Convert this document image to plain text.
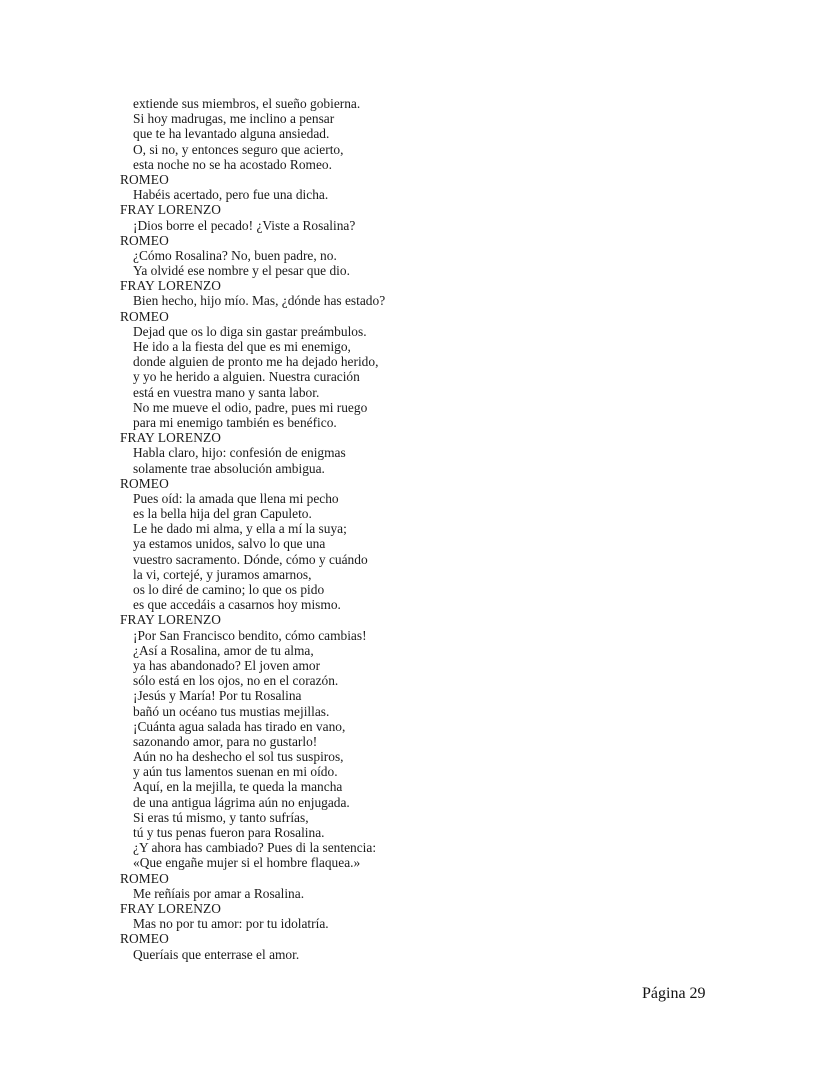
extiende sus miembros, el sueño gobierna.
Si hoy madrugas, me inclino a pensar
que te ha levantado alguna ansiedad.
O, si no, y entonces seguro que acierto,
esta noche no se ha acostado Romeo.
ROMEO
Habéis acertado, pero fue una dicha.
FRAY LORENZO
¡Dios borre el pecado! ¿Viste a Rosalina?
ROMEO
¿Cómo Rosalina? No, buen padre, no.
Ya olvidé ese nombre y el pesar que dio.
FRAY LORENZO
Bien hecho, hijo mío. Mas, ¿dónde has estado?
ROMEO
Dejad que os lo diga sin gastar preámbulos.
He ido a la fiesta del que es mi enemigo,
donde alguien de pronto me ha dejado herido,
y yo he herido a alguien. Nuestra curación
está en vuestra mano y santa labor.
No me mueve el odio, padre, pues mi ruego
para mi enemigo también es benéfico.
FRAY LORENZO
Habla claro, hijo: confesión de enigmas
solamente trae absolución ambigua.
ROMEO
Pues oíd: la amada que llena mi pecho
es la bella hija del gran Capuleto.
Le he dado mi alma, y ella a mí la suya;
ya estamos unidos, salvo lo que una
vuestro sacramento. Dónde, cómo y cuándo
la vi, cortejé, y juramos amarnos,
os lo diré de camino; lo que os pido
es que accedáis a casarnos hoy mismo.
FRAY LORENZO
¡Por San Francisco bendito, cómo cambias!
¿Así a Rosalina, amor de tu alma,
ya has abandonado? El joven amor
sólo está en los ojos, no en el corazón.
¡Jesús y María! Por tu Rosalina
bañó un océano tus mustias mejillas.
¡Cuánta agua salada has tirado en vano,
sazonando amor, para no gustarlo!
Aún no ha deshecho el sol tus suspiros,
y aún tus lamentos suenan en mi oído.
Aquí, en la mejilla, te queda la mancha
de una antigua lágrima aún no enjugada.
Si eras tú mismo, y tanto sufrías,
tú y tus penas fueron para Rosalina.
¿Y ahora has cambiado? Pues di la sentencia:
«Que engañe mujer si el hombre flaquea.»
ROMEO
Me reñíais por amar a Rosalina.
FRAY LORENZO
Mas no por tu amor: por tu idolatría.
ROMEO
Queríais que enterrase el amor.
Página 29
